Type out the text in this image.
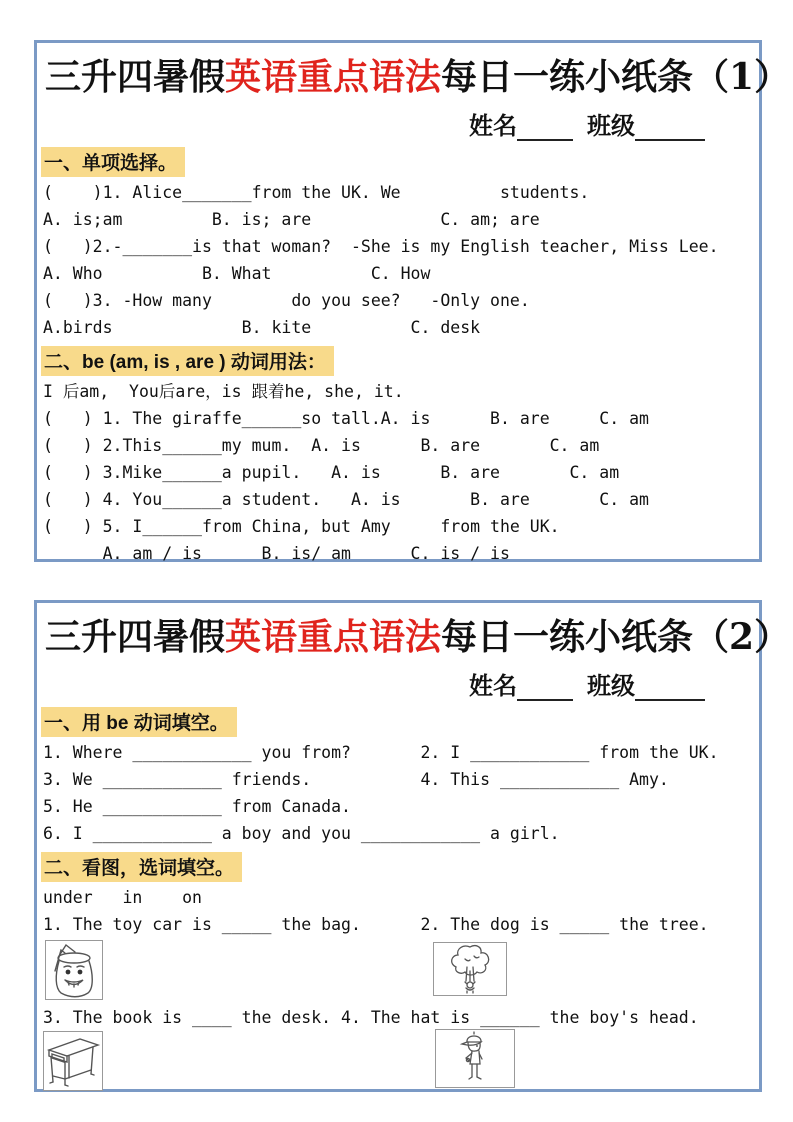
三升四暑假英语重点语法每日一练小纸条（1）
姓名	班级
一、单项选择。
(    )1. Alice_______from the UK. We          students.
A. is;am         B. is; are             C. am; are
(   )2.-_______is that woman?  -She is my English teacher, Miss Lee.
A. Who          B. What          C. How
(   )3. -How many        do you see?   -Only one.
A.birds             B. kite          C. desk
二、be (am, is , are ) 动词用法：
I 后am,  You后are，is 跟着he, she, it.
(   ) 1. The giraffe______so tall.A. is      B. are     C. am
(   ) 2.This______my mum.  A. is      B. are       C. am
(   ) 3.Mike______a pupil.   A. is      B. are       C. am
(   ) 4. You______a student.   A. is       B. are       C. am
(   ) 5. I______from China, but Amy     from the UK.
A. am / is      B. is/ am      C. is / is
三升四暑假英语重点语法每日一练小纸条（2）
姓名	班级
一、用 be 动词填空。
1. Where ____________ you from?       2. I ____________ from the UK.
3. We ____________ friends.           4. This ____________ Amy.
5. He ____________ from Canada.
6. I ____________ a boy and you ____________ a girl.
二、看图，选词填空。
under   in    on
1. The toy car is _____ the bag.      2. The dog is _____ the tree.
3. The book is ____ the desk. 4. The hat is ______ the boy's head.
